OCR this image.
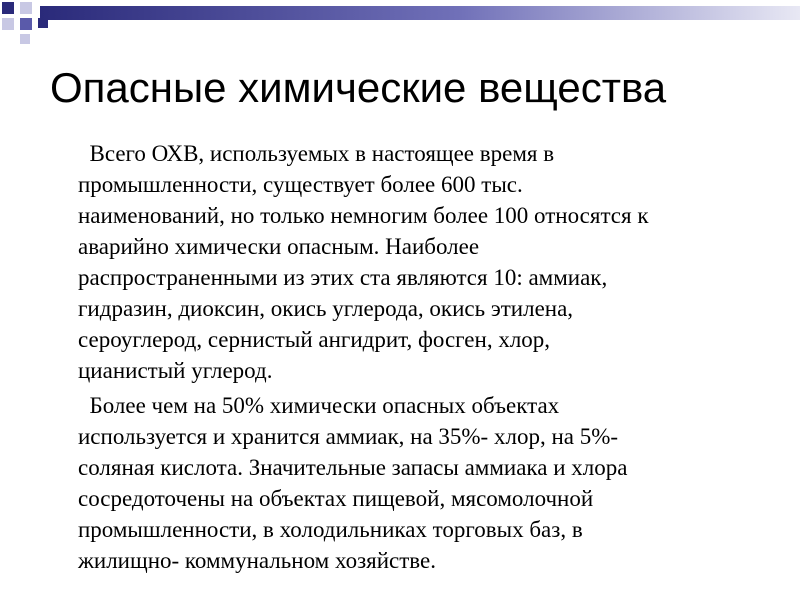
Опасные химические вещества

Всего ОХВ, используемых в настоящее время в
промышленности, существует более 600 тыс.
наименований, но только немногим более 100 относятся к
аварийно химически опасным. Наиболее
распространенными из этих ста являются 10: аммиак,
гидразин, диоксин, окись углерода, окись этилена,
сероуглерод, сернистый ангидрит, фосген, хлор,
цианистый углерод.

Более чем на 50% химически опасных объектах
используется и хранится аммиак, на 35%- хлор, на 5%-
соляная кислота. Значительные запасы аммиака и хлора
сосредоточены на объектах пищевой, мясомолочной
промышленности, в холодильниках торговых баз, в
жилищно- коммунальном хозяйстве.
